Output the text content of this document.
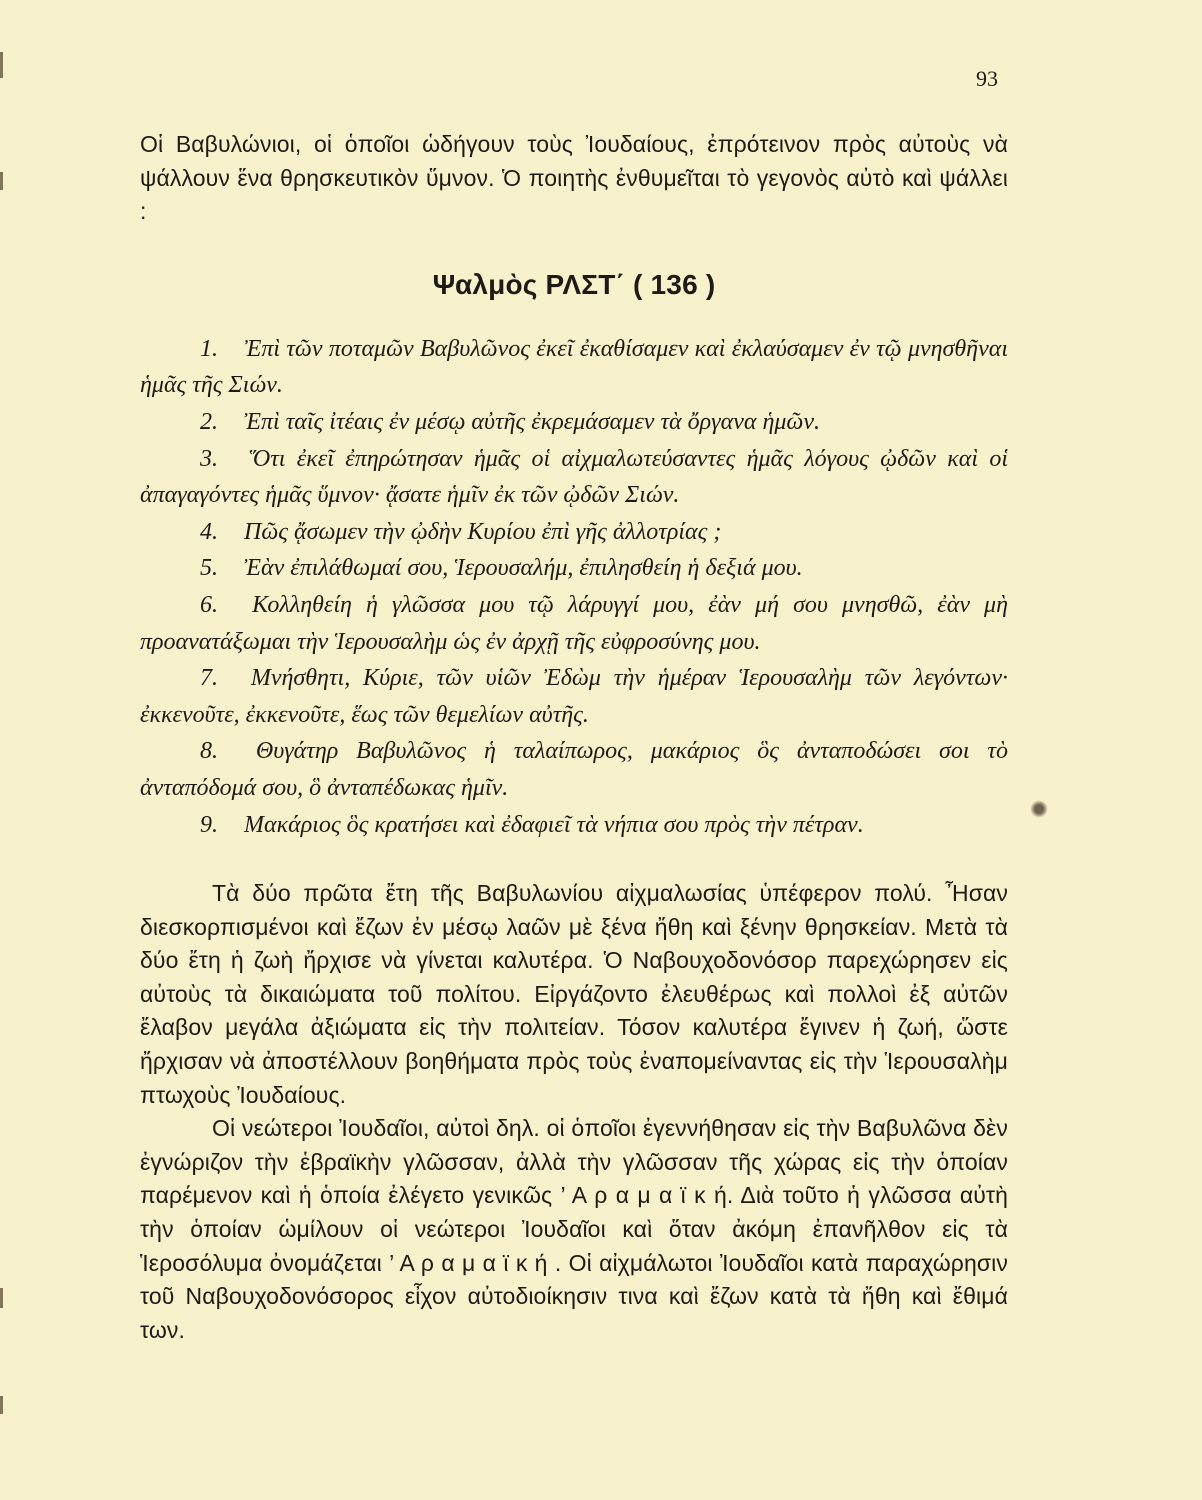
93

Οἱ Βαβυλώνιοι, οἱ ὁποῖοι ὡδήγουν τοὺς Ἰουδαίους, ἐπρότεινον πρὸς αὐτοὺς νὰ ψάλλουν ἕνα θρησκευτικὸν ὕμνον. Ὁ ποιητὴς ἐνθυμεῖται τὸ γεγονὸς αὐτὸ καὶ ψάλλει :

Ψαλμὸς ΡΛΣΤ΄ ( 136 )

1. Ἐπὶ τῶν ποταμῶν Βαβυλῶνος ἐκεῖ ἐκαθίσαμεν καὶ ἐκλαύσαμεν ἐν τῷ μνησθῆναι ἡμᾶς τῆς Σιών.

2. Ἐπὶ ταῖς ἰτέαις ἐν μέσῳ αὐτῆς ἐκρεμάσαμεν τὰ ὄργανα ἡμῶν.

3. Ὅτι ἐκεῖ ἐπηρώτησαν ἡμᾶς οἱ αἰχμαλωτεύσαντες ἡμᾶς λόγους ᾠδῶν καὶ οἱ ἀπαγαγόντες ἡμᾶς ὕμνον· ᾄσατε ἡμῖν ἐκ τῶν ᾠδῶν Σιών.

4. Πῶς ᾄσωμεν τὴν ᾠδὴν Κυρίου ἐπὶ γῆς ἀλλοτρίας ;

5. Ἐὰν ἐπιλάθωμαί σου, Ἱερουσαλήμ, ἐπιλησθείη ἡ δεξιά μου.

6. Κολληθείη ἡ γλῶσσα μου τῷ λάρυγγί μου, ἐὰν μή σου μνησθῶ, ἐὰν μὴ προανατάξωμαι τὴν Ἱερουσαλὴμ ὡς ἐν ἀρχῇ τῆς εὐφροσύνης μου.

7. Μνήσθητι, Κύριε, τῶν υἱῶν Ἐδὼμ τὴν ἡμέραν Ἱερουσαλὴμ τῶν λεγόντων· ἐκκενοῦτε, ἐκκενοῦτε, ἕως τῶν θεμελίων αὐτῆς.

8. Θυγάτηρ Βαβυλῶνος ἡ ταλαίπωρος, μακάριος ὃς ἀνταποδώσει σοι τὸ ἀνταπόδομά σου, ὃ ἀνταπέδωκας ἡμῖν.

9. Μακάριος ὃς κρατήσει καὶ ἐδαφιεῖ τὰ νήπια σου πρὸς τὴν πέτραν.

Τὰ δύο πρῶτα ἔτη τῆς Βαβυλωνίου αἰχμαλωσίας ὑπέφερον πολύ. Ἦσαν διεσκορπισμένοι καὶ ἔζων ἐν μέσῳ λαῶν μὲ ξένα ἤθη καὶ ξένην θρησκείαν. Μετὰ τὰ δύο ἔτη ἡ ζωὴ ἤρχισε νὰ γίνεται καλυτέρα. Ὁ Ναβουχοδονόσορ παρεχώρησεν εἰς αὐτοὺς τὰ δικαιώματα τοῦ πολίτου. Εἰργάζοντο ἐλευθέρως καὶ πολλοὶ ἐξ αὐτῶν ἔλαβον μεγάλα ἀξιώματα εἰς τὴν πολιτείαν. Τόσον καλυτέρα ἔγινεν ἡ ζωή, ὥστε ἤρχισαν νὰ ἀποστέλλουν βοηθήματα πρὸς τοὺς ἐναπομείναντας εἰς τὴν Ἱερουσαλὴμ πτωχοὺς Ἰουδαίους.

Οἱ νεώτεροι Ἰουδαῖοι, αὐτοὶ δηλ. οἱ ὁποῖοι ἐγεννήθησαν εἰς τὴν Βαβυλῶνα δὲν ἐγνώριζον τὴν ἑβραϊκὴν γλῶσσαν, ἀλλὰ τὴν γλῶσσαν τῆς χώρας εἰς τὴν ὁποίαν παρέμενον καὶ ἡ ὁποία ἐλέγετο γενικῶς ’ Α ρ α μ α ϊ κ ή. Διὰ τοῦτο ἡ γλῶσσα αὐτὴ τὴν ὁποίαν ὡμίλουν οἱ νεώτεροι Ἰουδαῖοι καὶ ὅταν ἀκόμη ἐπανῆλθον εἰς τὰ Ἱεροσόλυμα ὀνομάζεται ’ Α ρ α μ α ϊ κ ή . Οἱ αἰχμάλωτοι Ἰουδαῖοι κατὰ παραχώρησιν τοῦ Ναβουχοδονόσορος εἶχον αὐτοδιοίκησιν τινα καὶ ἔζων κατὰ τὰ ἤθη καὶ ἔθιμά των.
